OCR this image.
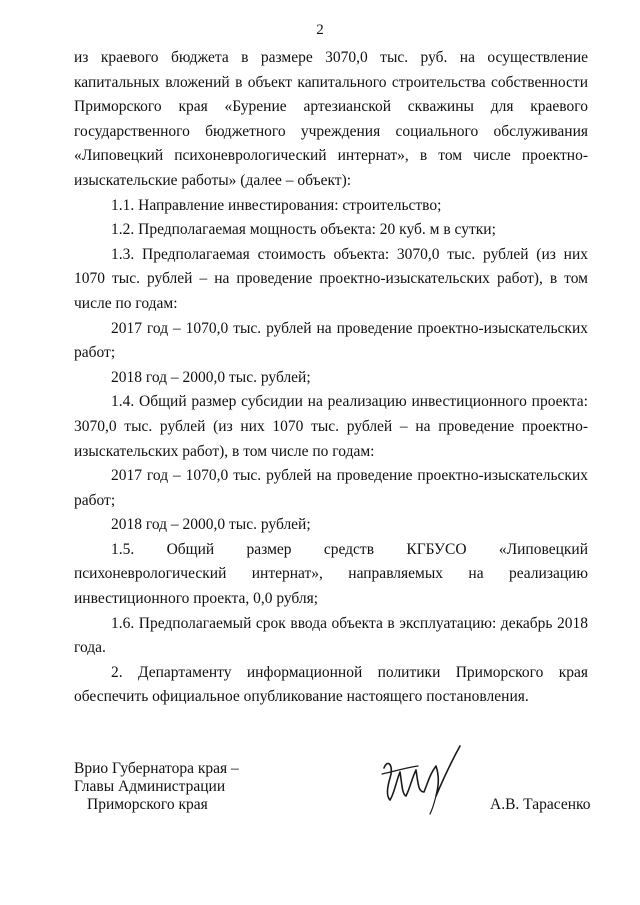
2

из краевого бюджета в размере 3070,0 тыс. руб. на осуществление капитальных вложений в объект капитального строительства собственности Приморского края «Бурение артезианской скважины для краевого государственного бюджетного учреждения социального обслуживания «Липовецкий психоневрологический интернат», в том числе проектно-изыскательские работы» (далее – объект):

1.1. Направление инвестирования: строительство;

1.2. Предполагаемая мощность объекта: 20 куб. м в сутки;

1.3. Предполагаемая стоимость объекта: 3070,0 тыс. рублей (из них 1070 тыс. рублей – на проведение проектно-изыскательских работ), в том числе по годам:

2017 год – 1070,0 тыс. рублей на проведение проектно-изыскательских работ;

2018 год – 2000,0 тыс. рублей;

1.4. Общий размер субсидии на реализацию инвестиционного проекта: 3070,0 тыс. рублей (из них 1070 тыс. рублей – на проведение проектно-изыскательских работ), в том числе по годам:

2017 год – 1070,0 тыс. рублей на проведение проектно-изыскательских работ;

2018 год – 2000,0 тыс. рублей;

1.5. Общий размер средств КГБУСО «Липовецкий психоневрологический интернат», направляемых на реализацию инвестиционного проекта, 0,0 рубля;

1.6. Предполагаемый срок ввода объекта в эксплуатацию: декабрь 2018 года.

2. Департаменту информационной политики Приморского края обеспечить официальное опубликование настоящего постановления.

Врио Губернатора края –
Главы Администрации
Приморского края	А.В. Тарасенко
